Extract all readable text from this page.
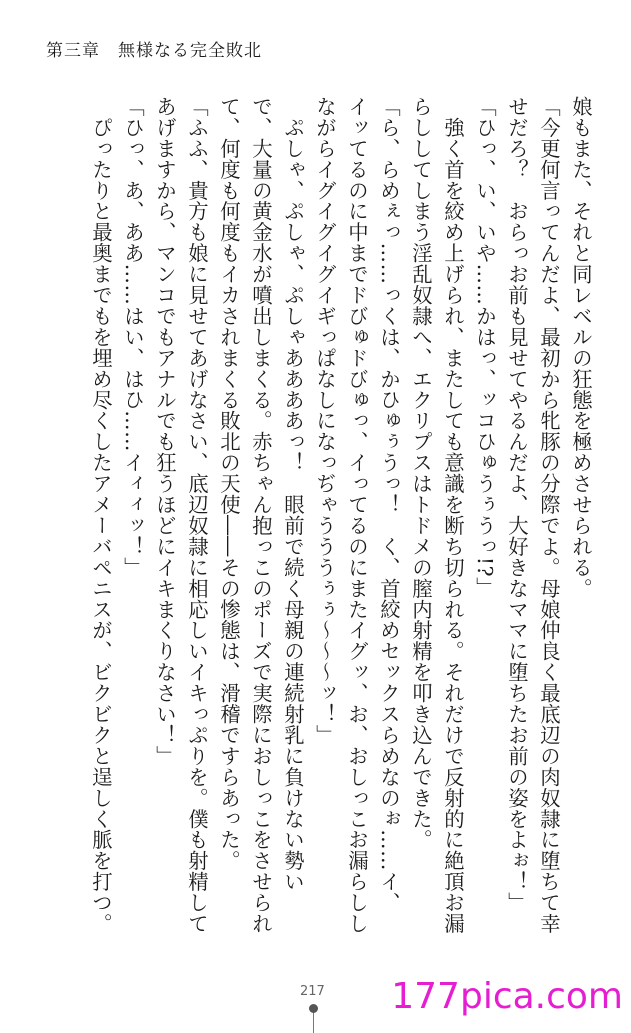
第三章　無様なる完全敗北
娘もまた、それと同レベルの狂態を極めさせられる。
「今更何言ってんだよ、最初から牝豚の分際でよ。母娘仲良く最底辺の肉奴隷に堕ちて幸
せだろ？　おらっお前も見せてやるんだよ、大好きなママに堕ちたお前の姿をよぉ！」
「ひっ、い、いや……かはっ、ッコひゅうぅうっ!?」
　強く首を絞め上げられ、またしても意識を断ち切られる。それだけで反射的に絶頂お漏
らししてしまう淫乱奴隷へ、エクリプスはトドメの膣内射精を叩き込んできた。
「ら、らめぇっ……っくは、かひゅぅうっ！　く、首絞めセックスらめなのぉ……イ、
イッてるのに中までドびゅドびゅっ、イってるのにまたイグッ、お、おしっこお漏らしし
ながらイグイグイグイギっぱなしになっぢゃうううぅぅ～～～ッ！」
　ぷしゃ、ぷしゃ、ぷしゃああああっ！　眼前で続く母親の連続射乳に負けない勢い
で、大量の黄金水が噴出しまくる。赤ちゃん抱っこのポーズで実際におしっこをさせられ
て、何度も何度もイカされまくる敗北の天使――その惨態は、滑稽ですらあった。
「ふふ、貴方も娘に見せてあげなさい、底辺奴隷に相応しいイキっぷりを。僕も射精して
あげますから、マンコでもアナルでも狂うほどにイキまくりなさい！」
「ひっ、あ、ああ……はい、はひ……イィィッ！」
　ぴったりと最奥までもを埋め尽くしたアメーバペニスが、ビクビクと逞しく脈を打つ。
217 177pica.com
